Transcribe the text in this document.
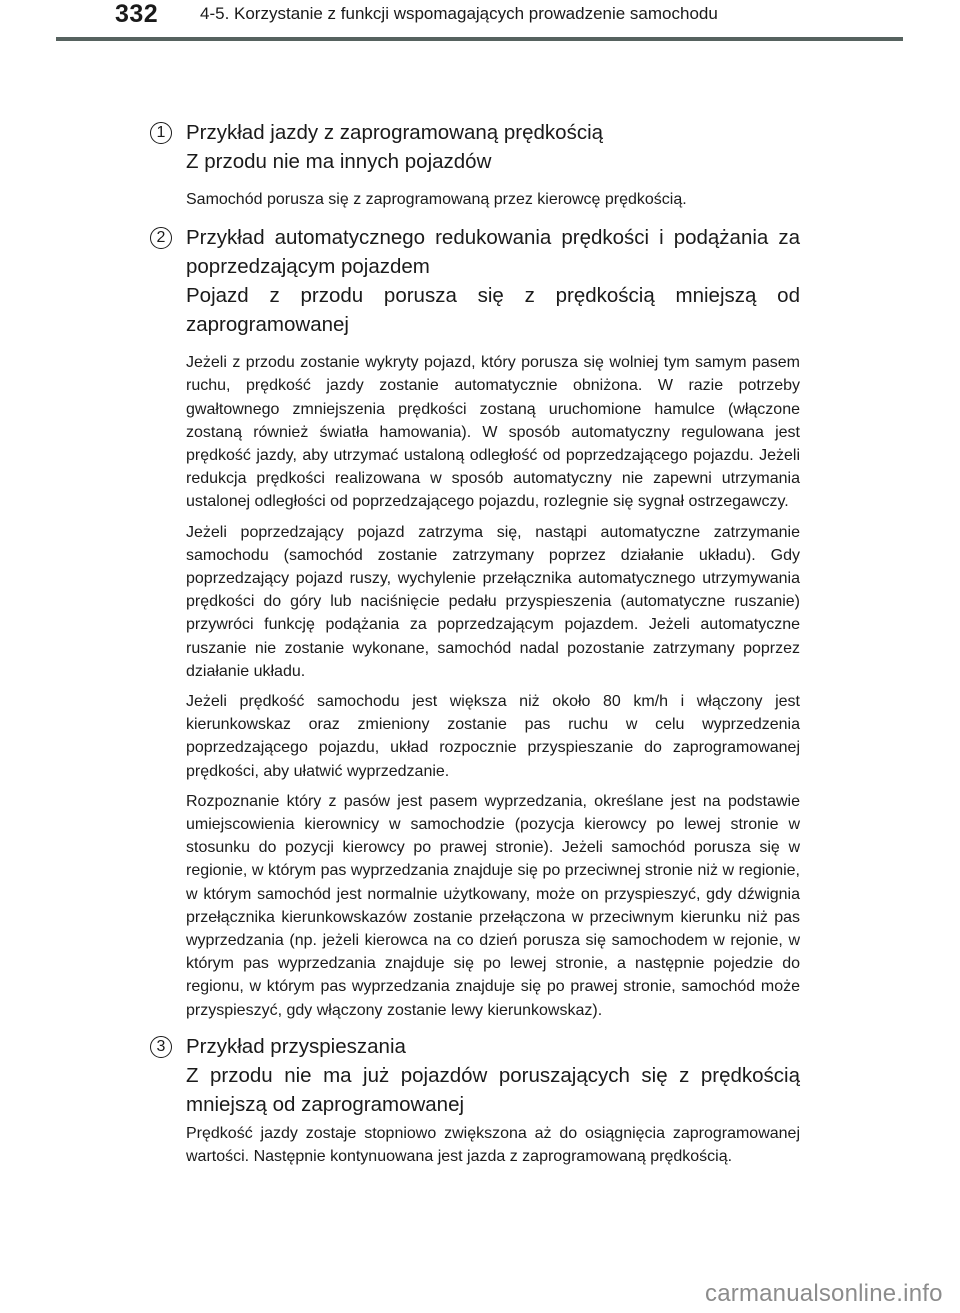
332 4-5. Korzystanie z funkcji wspomagających prowadzenie samochodu
1	Przykład jazdy z zaprogramowaną prędkością
Z przodu nie ma innych pojazdów

Samochód porusza się z zaprogramowaną przez kierowcę prędkością.

2	Przykład automatycznego redukowania prędkości i podążania za poprzedzającym pojazdem
Pojazd z przodu porusza się z prędkością mniejszą od zaprogramowanej

Jeżeli z przodu zostanie wykryty pojazd, który porusza się wolniej tym samym pasem ruchu, prędkość jazdy zostanie automatycznie obniżona. W razie potrzeby gwałtownego zmniejszenia prędkości zostaną uruchomione hamulce (włączone zostaną również światła hamowania). W sposób automatyczny regulowana jest prędkość jazdy, aby utrzymać ustaloną odległość od poprzedzającego pojazdu. Jeżeli redukcja prędkości realizowana w sposób automatyczny nie zapewni utrzymania ustalonej odległości od poprzedzającego pojazdu, rozlegnie się sygnał ostrzegawczy.

Jeżeli poprzedzający pojazd zatrzyma się, nastąpi automatyczne zatrzymanie samochodu (samochód zostanie zatrzymany poprzez działanie układu). Gdy poprzedzający pojazd ruszy, wychylenie przełącznika automatycznego utrzymywania prędkości do góry lub naciśnięcie pedału przyspieszenia (automatyczne ruszanie) przywróci funkcję podążania za poprzedzającym pojazdem. Jeżeli automatyczne ruszanie nie zostanie wykonane, samochód nadal pozostanie zatrzymany poprzez działanie układu.

Jeżeli prędkość samochodu jest większa niż około 80 km/h i włączony jest kierunkowskaz oraz zmieniony zostanie pas ruchu w celu wyprzedzenia poprzedzającego pojazdu, układ rozpocznie przyspieszanie do zaprogramowanej prędkości, aby ułatwić wyprzedzanie.

Rozpoznanie który z pasów jest pasem wyprzedzania, określane jest na podstawie umiejscowienia kierownicy w samochodzie (pozycja kierowcy po lewej stronie w stosunku do pozycji kierowcy po prawej stronie). Jeżeli samochód porusza się w regionie, w którym pas wyprzedzania znajduje się po przeciwnej stronie niż w regionie, w którym samochód jest normalnie użytkowany, może on przyspieszyć, gdy dźwignia przełącznika kierunkowskazów zostanie przełączona w przeciwnym kierunku niż pas wyprzedzania (np. jeżeli kierowca na co dzień porusza się samochodem w rejonie, w którym pas wyprzedzania znajduje się po lewej stronie, a następnie pojedzie do regionu, w którym pas wyprzedzania znajduje się po prawej stronie, samochód może przyspieszyć, gdy włączony zostanie lewy kierunkowskaz).

3	Przykład przyspieszania
Z przodu nie ma już pojazdów poruszających się z prędkością mniejszą od zaprogramowanej

Prędkość jazdy zostaje stopniowo zwiększona aż do osiągnięcia zaprogramowanej wartości. Następnie kontynuowana jest jazda z zaprogramowaną prędkością.

carmanualsonline.info
